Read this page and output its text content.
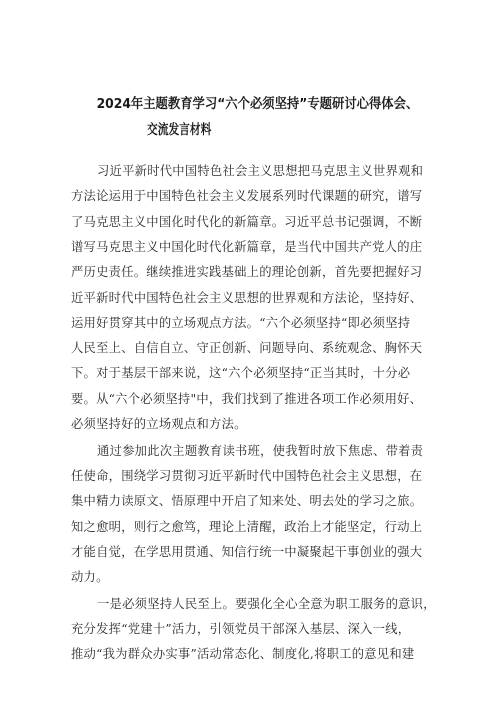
2024年主题教育学习“六个必须坚持”专题研讨心得体会、
交流发言材料

习近平新时代中国特色社会主义思想把马克思主义世界观和

方法论运用于中国特色社会主义发展系列时代课题的研究，谱写

了马克思主义中国化时代化的新篇章。习近平总书记强调，不断

谱写马克思主义中国化时代化新篇章，是当代中国共产党人的庄

严历史责任。继续推进实践基础上的理论创新，首先要把握好习

近平新时代中国特色社会主义思想的世界观和方法论，坚持好、

运用好贯穿其中的立场观点方法。“六个必须坚持“即必须坚持

人民至上、自信自立、守正创新、问题导向、系统观念、胸怀天

下。对于基层干部来说，这“六个必须坚持“正当其时，十分必

要。从“六个必须坚持"中，我们找到了推进各项工作必须用好、

必须坚持好的立场观点和方法。

通过参加此次主题教育读书班，使我暂时放下焦虑、带着责

任使命，围绕学习贯彻习近平新时代中国特色社会主义思想，在

集中精力读原文、悟原理中开启了知来处、明去处的学习之旅。

知之愈明，则行之愈笃，理论上清醒，政治上才能坚定，行动上

才能自觉，在学思用贯通、知信行统一中凝聚起干事创业的强大

动力。

一是必须坚持人民至上。要强化全心全意为职工服务的意识，

充分发挥“党建十”活力，引领党员干部深入基层、深入一线，

推动“我为群众办实事”活动常态化、制度化,将职工的意见和建
